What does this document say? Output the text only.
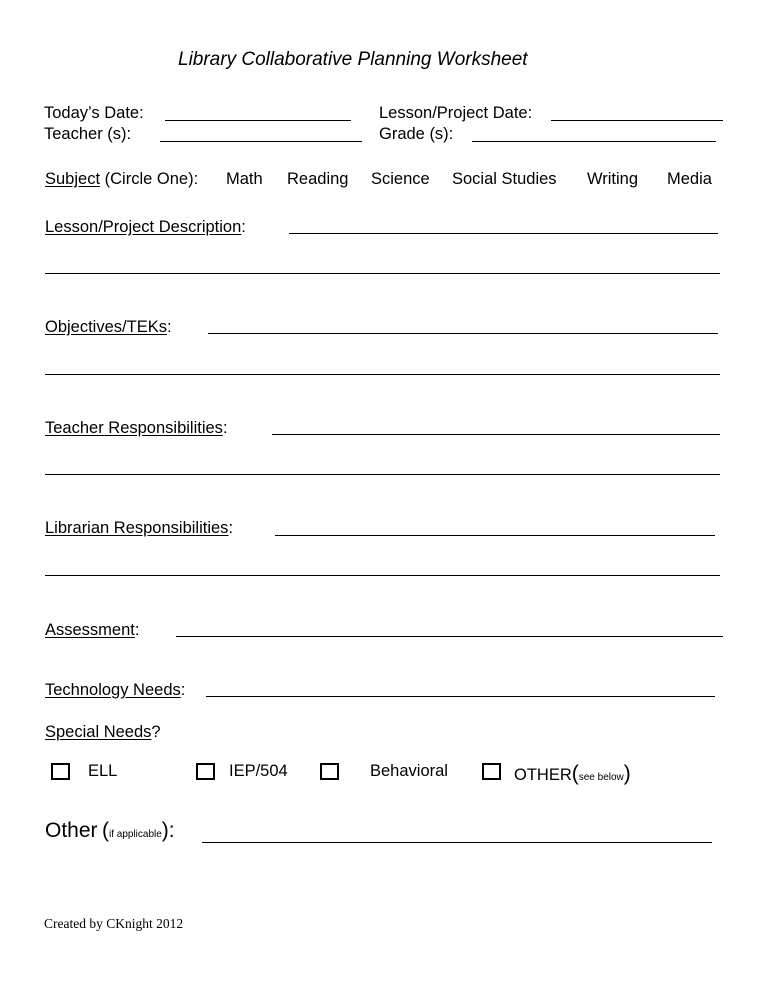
Library Collaborative Planning Worksheet
Today’s Date:	Lesson/Project Date:
Teacher (s):	Grade (s):
Subject (Circle One): Math Reading Science Social Studies Writing Media
Lesson/Project Description:
Objectives/TEKs:
Teacher Responsibilities:
Librarian Responsibilities:
Assessment:
Technology Needs:
Special Needs?
ELL	IEP/504	Behavioral	OTHER(see below)
Other (if applicable):
Created by CKnight 2012
